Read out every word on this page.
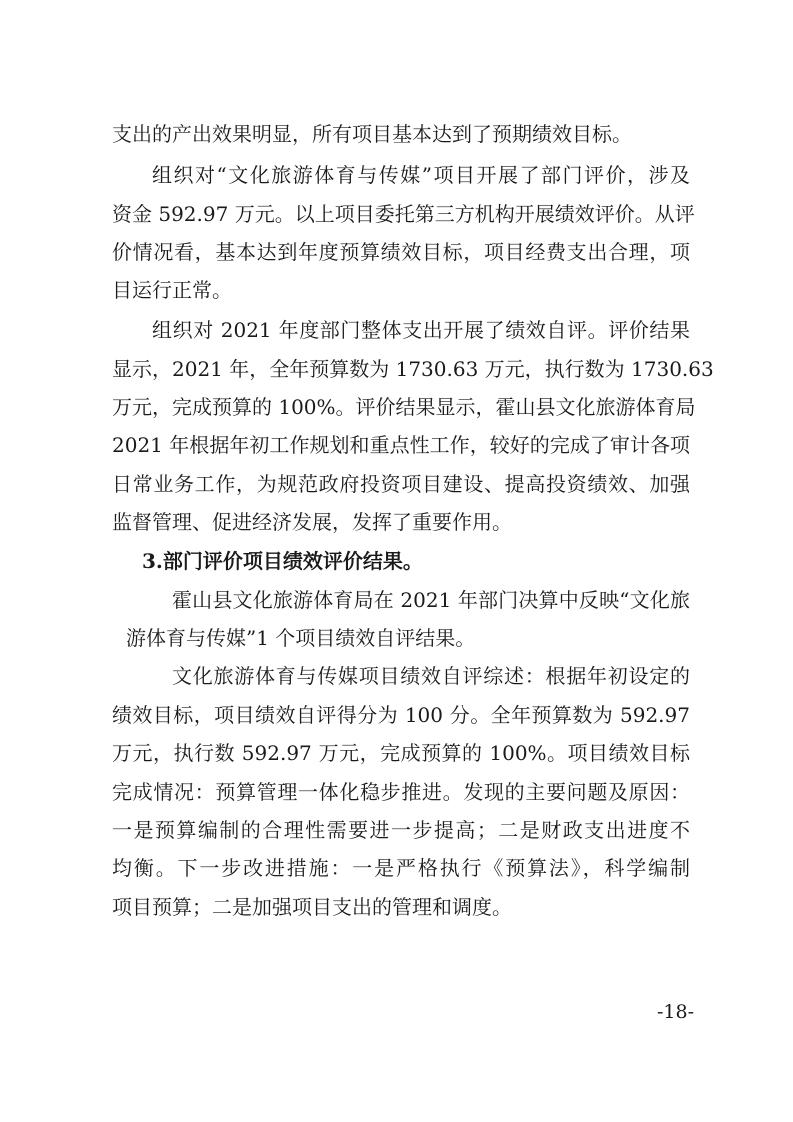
支出的产出效果明显，所有项目基本达到了预期绩效目标。

组织对“文化旅游体育与传媒”项目开展了部门评价，涉及

资金 592.97 万元。以上项目委托第三方机构开展绩效评价。从评

价情况看，基本达到年度预算绩效目标，项目经费支出合理，项

目运行正常。

组织对 2021 年度部门整体支出开展了绩效自评。评价结果

显示，2021 年，全年预算数为 1730.63 万元，执行数为 1730.63

万元，完成预算的 100%。评价结果显示，霍山县文化旅游体育局

2021 年根据年初工作规划和重点性工作，较好的完成了审计各项

日常业务工作，为规范政府投资项目建设、提高投资绩效、加强

监督管理、促进经济发展，发挥了重要作用。

3.部门评价项目绩效评价结果。

霍山县文化旅游体育局在 2021 年部门决算中反映“文化旅

游体育与传媒”1 个项目绩效自评结果。

文化旅游体育与传媒项目绩效自评综述：根据年初设定的

绩效目标，项目绩效自评得分为 100 分。全年预算数为 592.97

万元，执行数 592.97 万元，完成预算的 100%。项目绩效目标

完成情况：预算管理一体化稳步推进。发现的主要问题及原因：

一是预算编制的合理性需要进一步提高；二是财政支出进度不

均衡。下一步改进措施：一是严格执行《预算法》，科学编制

项目预算；二是加强项目支出的管理和调度。

-18-
